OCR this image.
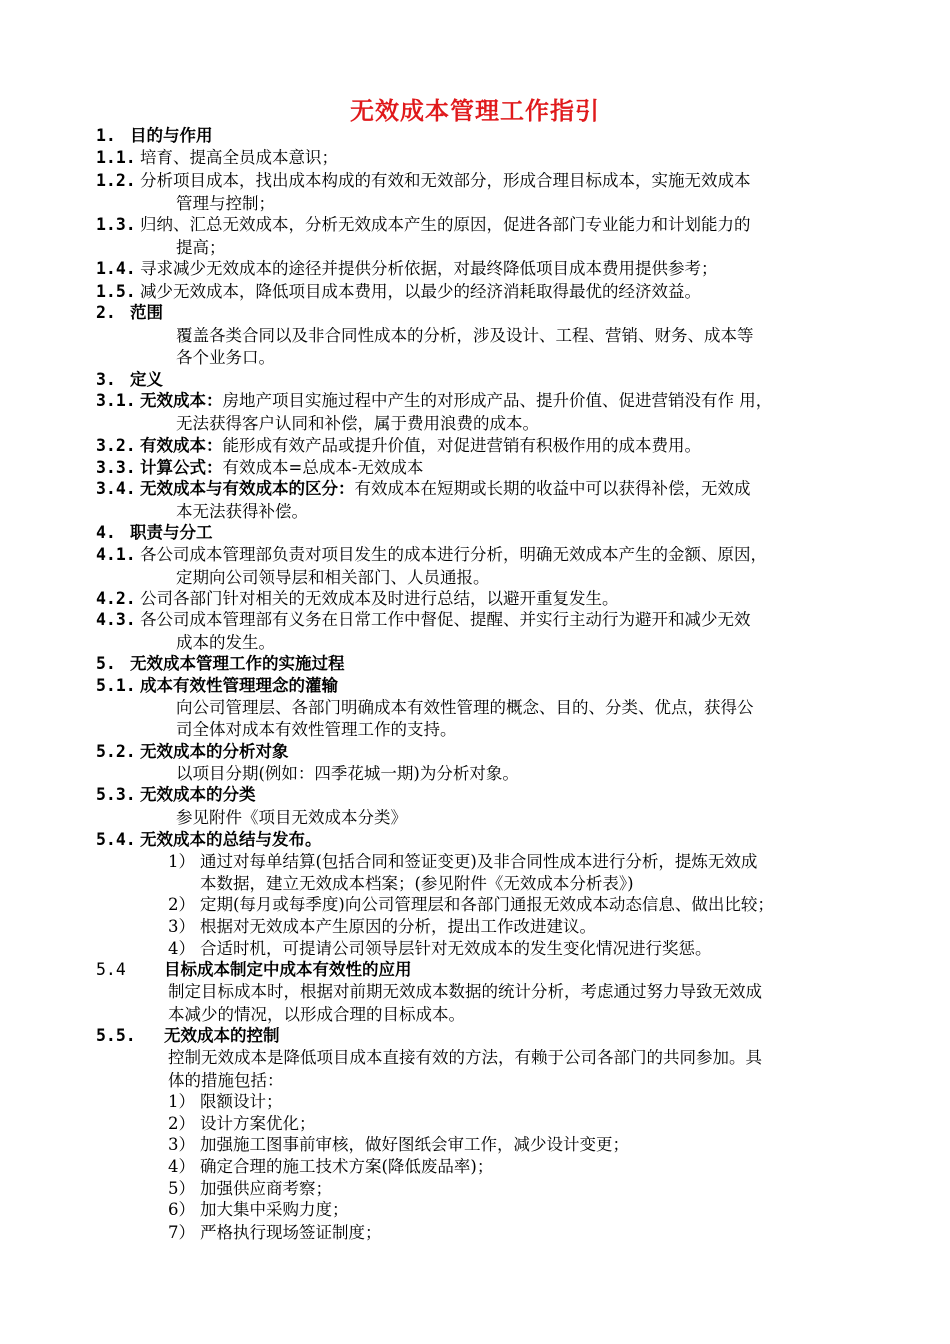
无效成本管理工作指引
1. 目的与作用
1.1. 培育、提高全员成本意识；
1.2. 分析项目成本，找出成本构成的有效和无效部分，形成合理目标成本，实施无效成本
管理与控制；
1.3. 归纳、汇总无效成本，分析无效成本产生的原因，促进各部门专业能力和计划能力的
提高；
1.4. 寻求减少无效成本的途径并提供分析依据，对最终降低项目成本费用提供参考；
1.5. 减少无效成本，降低项目成本费用，以最少的经济消耗取得最优的经济效益。
2. 范围
覆盖各类合同以及非合同性成本的分析，涉及设计、工程、营销、财务、成本等
各个业务口。
3. 定义
3.1. 无效成本：房地产项目实施过程中产生的对形成产品、提升价值、促进营销没有作 用，
无法获得客户认同和补偿，属于费用浪费的成本。
3.2. 有效成本：能形成有效产品或提升价值，对促进营销有积极作用的成本费用。
3.3. 计算公式：有效成本=总成本-无效成本
3.4. 无效成本与有效成本的区分：有效成本在短期或长期的收益中可以获得补偿，无效成
本无法获得补偿。
4. 职责与分工
4.1. 各公司成本管理部负责对项目发生的成本进行分析，明确无效成本产生的金额、原因，
定期向公司领导层和相关部门、人员通报。
4.2. 公司各部门针对相关的无效成本及时进行总结，以避开重复发生。
4.3. 各公司成本管理部有义务在日常工作中督促、提醒、并实行主动行为避开和减少无效
成本的发生。
5. 无效成本管理工作的实施过程
5.1. 成本有效性管理理念的灌输
向公司管理层、各部门明确成本有效性管理的概念、目的、分类、优点，获得公
司全体对成本有效性管理工作的支持。
5.2. 无效成本的分析对象
以项目分期(例如：四季花城一期)为分析对象。
5.3. 无效成本的分类
参见附件《项目无效成本分类》
5.4. 无效成本的总结与发布。
1） 通过对每单结算(包括合同和签证变更)及非合同性成本进行分析，提炼无效成
本数据，建立无效成本档案；(参见附件《无效成本分析表》)
2） 定期(每月或每季度)向公司管理层和各部门通报无效成本动态信息、做出比较；
3） 根据对无效成本产生原因的分析，提出工作改进建议。
4） 合适时机，可提请公司领导层针对无效成本的发生变化情况进行奖惩。
5.4 目标成本制定中成本有效性的应用
制定目标成本时，根据对前期无效成本数据的统计分析，考虑通过努力导致无效成
本减少的情况，以形成合理的目标成本。
5.5. 无效成本的控制
控制无效成本是降低项目成本直接有效的方法，有赖于公司各部门的共同参加。具
体的措施包括：
1） 限额设计；
2） 设计方案优化；
3） 加强施工图事前审核，做好图纸会审工作，减少设计变更；
4） 确定合理的施工技术方案(降低废品率)；
5） 加强供应商考察；
6） 加大集中采购力度；
7） 严格执行现场签证制度；
